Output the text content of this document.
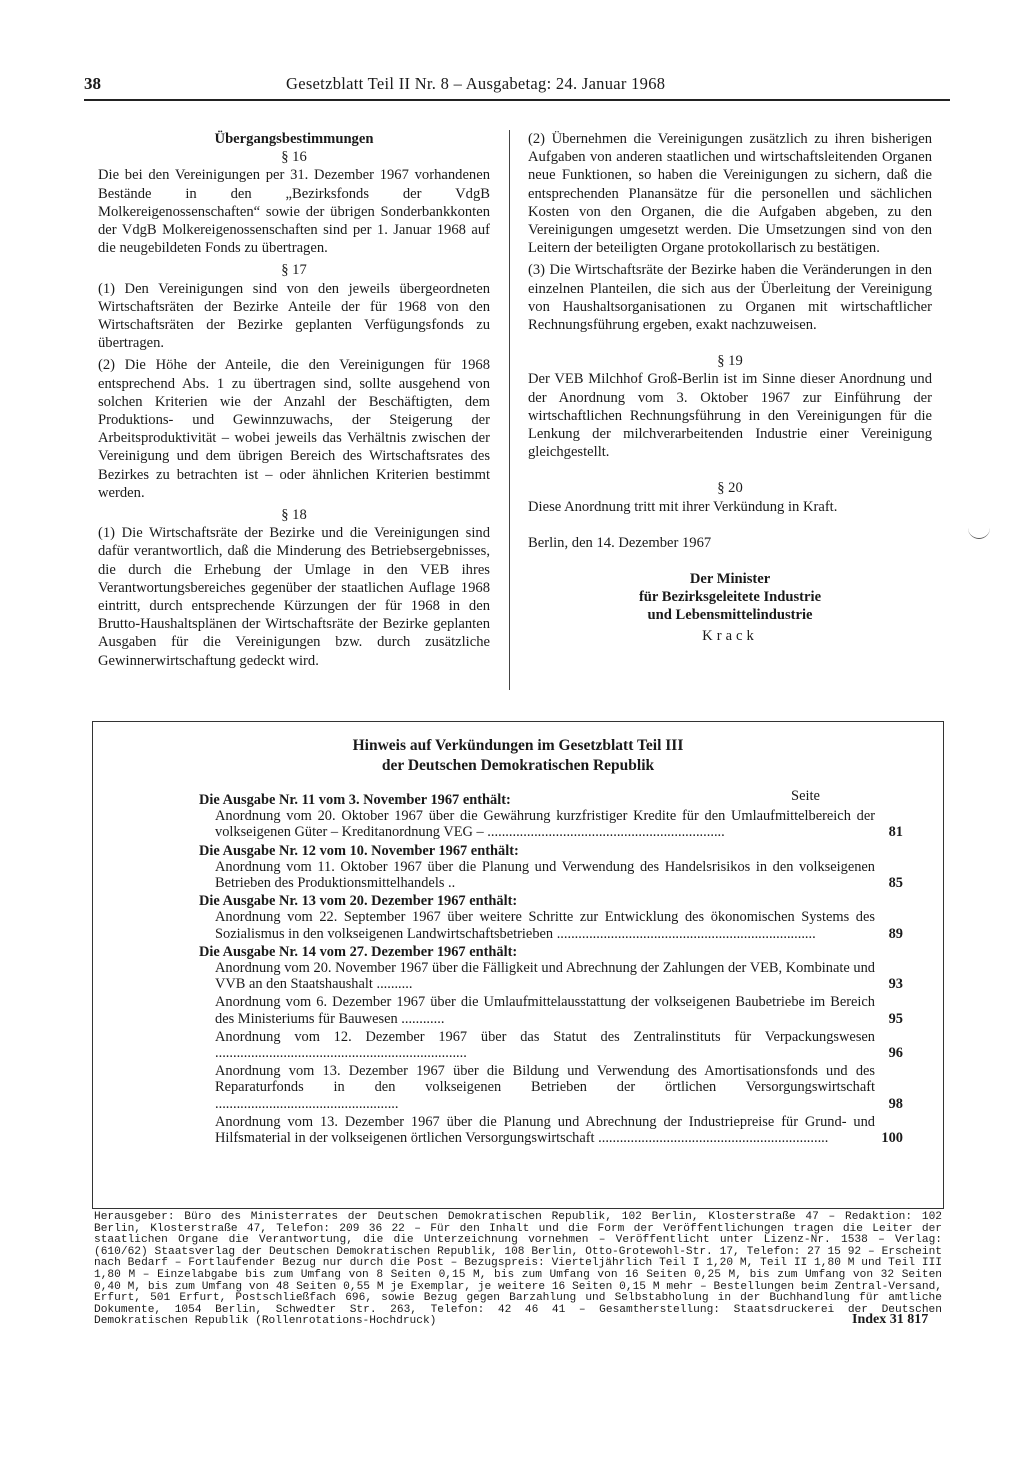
38	Gesetzblatt Teil II Nr. 8 – Ausgabetag: 24. Januar 1968

Übergangsbestimmungen

§ 16

Die bei den Vereinigungen per 31. Dezember 1967 vorhandenen Bestände in den „Bezirksfonds der VdgB Molkereigenossenschaften“ sowie der übrigen Sonderbankkonten der VdgB Molkereigenossenschaften sind per 1. Januar 1968 auf die neugebildeten Fonds zu übertragen.

§ 17

(1) Den Vereinigungen sind von den jeweils übergeordneten Wirtschaftsräten der Bezirke Anteile der für 1968 von den Wirtschaftsräten der Bezirke geplanten Verfügungsfonds zu übertragen.

(2) Die Höhe der Anteile, die den Vereinigungen für 1968 entsprechend Abs. 1 zu übertragen sind, sollte ausgehend von solchen Kriterien wie der Anzahl der Beschäftigten, dem Produktions- und Gewinnzuwachs, der Steigerung der Arbeitsproduktivität – wobei jeweils das Verhältnis zwischen der Vereinigung und dem übrigen Bereich des Wirtschaftsrates des Bezirkes zu betrachten ist – oder ähnlichen Kriterien bestimmt werden.

§ 18

(1) Die Wirtschaftsräte der Bezirke und die Vereinigungen sind dafür verantwortlich, daß die Minderung des Betriebsergebnisses, die durch die Erhebung der Umlage in den VEB ihres Verantwortungsbereiches gegenüber der staatlichen Auflage 1968 eintritt, durch entsprechende Kürzungen der für 1968 in den Brutto-Haushaltsplänen der Wirtschaftsräte der Bezirke geplanten Ausgaben für die Vereinigungen bzw. durch zusätzliche Gewinnerwirtschaftung gedeckt wird.

(2) Übernehmen die Vereinigungen zusätzlich zu ihren bisherigen Aufgaben von anderen staatlichen und wirtschaftsleitenden Organen neue Funktionen, so haben die Vereinigungen zu sichern, daß die entsprechenden Planansätze für die personellen und sächlichen Kosten von den Organen, die die Aufgaben abgeben, zu den Vereinigungen umgesetzt werden. Die Umsetzungen sind von den Leitern der beteiligten Organe protokollarisch zu bestätigen.

(3) Die Wirtschaftsräte der Bezirke haben die Veränderungen in den einzelnen Planteilen, die sich aus der Überleitung der Vereinigung von Haushaltsorganisationen zu Organen mit wirtschaftlicher Rechnungsführung ergeben, exakt nachzuweisen.

§ 19

Der VEB Milchhof Groß-Berlin ist im Sinne dieser Anordnung und der Anordnung vom 3. Oktober 1967 zur Einführung der wirtschaftlichen Rechnungsführung in den Vereinigungen für die Lenkung der milchverarbeitenden Industrie einer Vereinigung gleichgestellt.

§ 20

Diese Anordnung tritt mit ihrer Verkündung in Kraft.

Berlin, den 14. Dezember 1967

Der Minister

für Bezirksgeleitete Industrie

und Lebensmittelindustrie

Krack

Hinweis auf Verkündungen im Gesetzblatt Teil III
der Deutschen Demokratischen Republik
Seite

Die Ausgabe Nr. 11 vom 3. November 1967 enthält:

Anordnung vom 20. Oktober 1967 über die Gewährung kurzfristiger Kredite für den Umlaufmittelbereich der volkseigenen Güter – Kreditanordnung VEG – ..................................................................	81

Die Ausgabe Nr. 12 vom 10. November 1967 enthält:

Anordnung vom 11. Oktober 1967 über die Planung und Verwendung des Handelsrisikos in den volkseigenen Betrieben des Produktionsmittelhandels ..	85

Die Ausgabe Nr. 13 vom 20. Dezember 1967 enthält:

Anordnung vom 22. September 1967 über weitere Schritte zur Entwicklung des ökonomischen Systems des Sozialismus in den volkseigenen Landwirtschaftsbetrieben ........................................................................	89

Die Ausgabe Nr. 14 vom 27. Dezember 1967 enthält:

Anordnung vom 20. November 1967 über die Fälligkeit und Abrechnung der Zahlungen der VEB, Kombinate und VVB an den Staatshaushalt ..........	93
Anordnung vom 6. Dezember 1967 über die Umlaufmittelausstattung der volkseigenen Baubetriebe im Bereich des Ministeriums für Bauwesen ............	95
Anordnung vom 12. Dezember 1967 über das Statut des Zentralinstituts für Verpackungswesen ......................................................................	96
Anordnung vom 13. Dezember 1967 über die Bildung und Verwendung des Amortisationsfonds und des Reparaturfonds in den volkseigenen Betrieben der örtlichen Versorgungswirtschaft ...................................................	98
Anordnung vom 13. Dezember 1967 über die Planung und Abrechnung der Industriepreise für Grund- und Hilfsmaterial in der volkseigenen örtlichen Versorgungswirtschaft ................................................................	100
Herausgeber: Büro des Ministerrates der Deutschen Demokratischen Republik, 102 Berlin, Klosterstraße 47 – Redaktion: 102 Berlin, Klosterstraße 47, Telefon: 209 36 22 – Für den Inhalt und die Form der Veröffentlichungen tragen die Leiter der staatlichen Organe die Verantwortung, die die Unterzeichnung vornehmen – Veröffentlicht unter Lizenz-Nr. 1538 – Verlag: (610/62) Staatsverlag der Deutschen Demokratischen Republik, 108 Berlin, Otto-Grotewohl-Str. 17, Telefon: 27 15 92 – Erscheint nach Bedarf – Fortlaufender Bezug nur durch die Post – Bezugspreis: Vierteljährlich Teil I 1,20 M, Teil II 1,80 M und Teil III 1,80 M – Einzelabgabe bis zum Umfang von 8 Seiten 0,15 M, bis zum Umfang von 16 Seiten 0,25 M, bis zum Umfang von 32 Seiten 0,40 M, bis zum Umfang von 48 Seiten 0,55 M je Exemplar, je weitere 16 Seiten 0,15 M mehr – Bestellungen beim Zentral-Versand, Erfurt, 501 Erfurt, Postschließfach 696, sowie Bezug gegen Barzahlung und Selbstabholung in der Buchhandlung für amtliche Dokumente, 1054 Berlin, Schwedter Str. 263, Telefon: 42 46 41 – Gesamtherstellung: Staatsdruckerei der Deutschen Demokratischen Republik (Rollenrotations-Hochdruck)	Index 31 817
